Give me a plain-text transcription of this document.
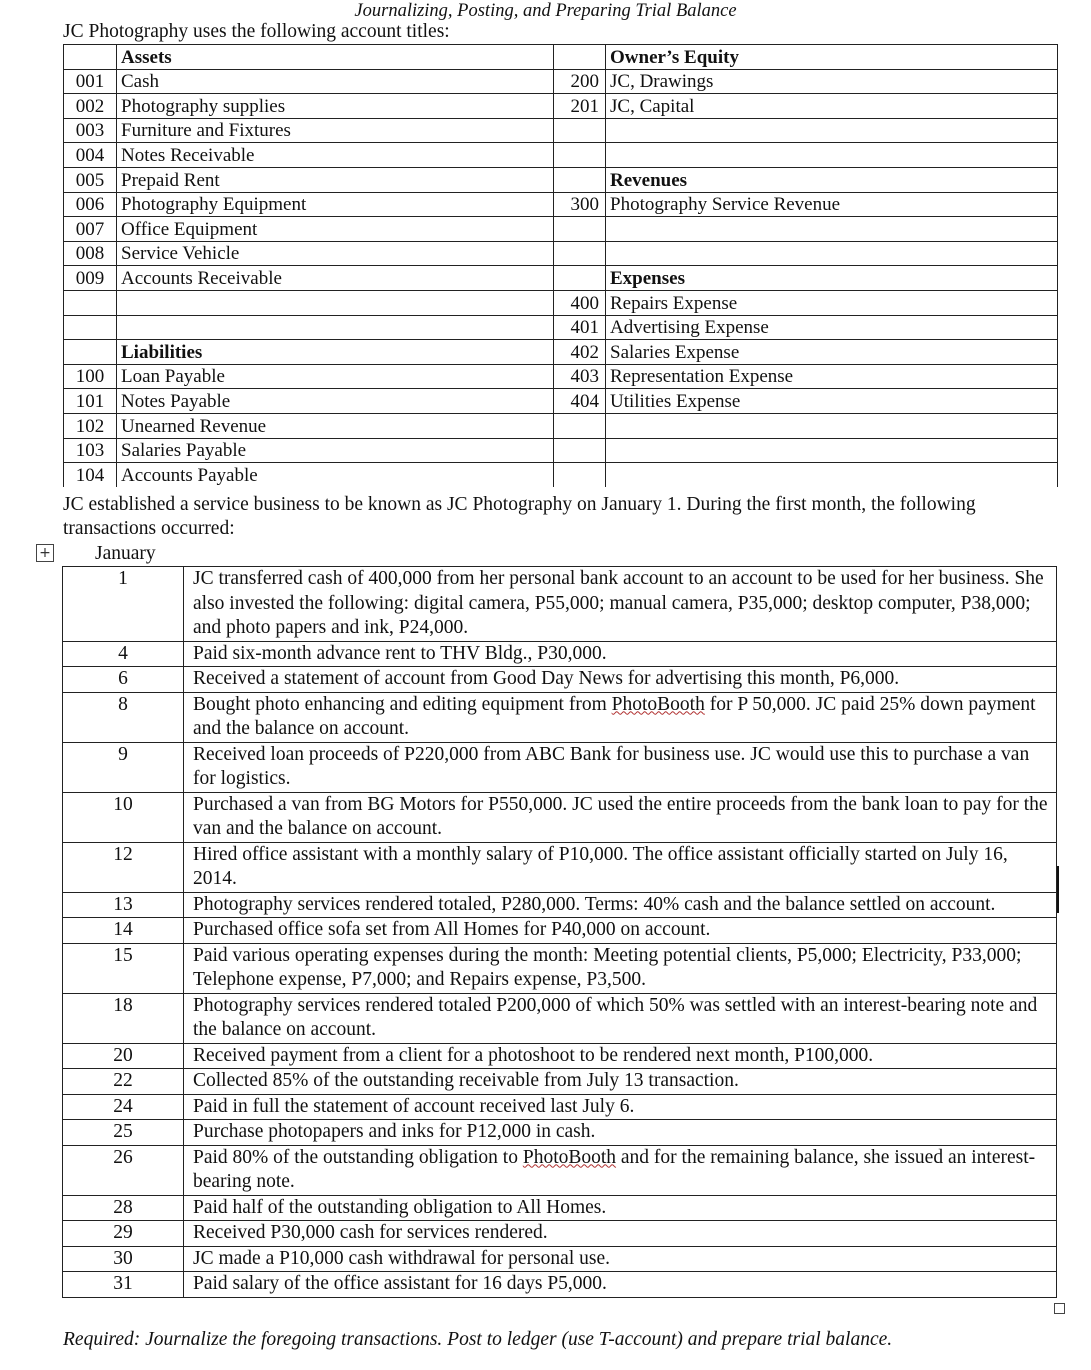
Journalizing, Posting, and Preparing Trial Balance
JC Photography uses the following account titles:
	Assets		Owner’s Equity
001	Cash	200	JC, Drawings
002	Photography supplies	201	JC, Capital
003	Furniture and Fixtures		
004	Notes Receivable		
005	Prepaid Rent		Revenues
006	Photography Equipment	300	Photography Service Revenue
007	Office Equipment		
008	Service Vehicle		
009	Accounts Receivable		Expenses
		400	Repairs Expense
		401	Advertising Expense
	Liabilities	402	Salaries Expense
100	Loan Payable	403	Representation Expense
101	Notes Payable	404	Utilities Expense
102	Unearned Revenue		
103	Salaries Payable		
104	Accounts Payable		
JC established a service business to be known as JC Photography on January 1. During the first month, the following transactions occurred:
+ January
1	JC transferred cash of 400,000 from her personal bank account to an account to be used for her business. She also invested the following: digital camera, P55,000; manual camera, P35,000; desktop computer, P38,000; and photo papers and ink, P24,000.
4	Paid six-month advance rent to THV Bldg., P30,000.
6	Received a statement of account from Good Day News for advertising this month, P6,000.
8	Bought photo enhancing and editing equipment from PhotoBooth for P 50,000. JC paid 25% down payment and the balance on account.
9	Received loan proceeds of P220,000 from ABC Bank for business use. JC would use this to purchase a van for logistics.
10	Purchased a van from BG Motors for P550,000. JC used the entire proceeds from the bank loan to pay for the van and the balance on account.
12	Hired office assistant with a monthly salary of P10,000. The office assistant officially started on July 16, 2014.
13	Photography services rendered totaled, P280,000. Terms: 40% cash and the balance settled on account.
14	Purchased office sofa set from All Homes for P40,000 on account.
15	Paid various operating expenses during the month: Meeting potential clients, P5,000; Electricity, P33,000; Telephone expense, P7,000; and Repairs expense, P3,500.
18	Photography services rendered totaled P200,000 of which 50% was settled with an interest-bearing note and the balance on account.
20	Received payment from a client for a photoshoot to be rendered next month, P100,000.
22	Collected 85% of the outstanding receivable from July 13 transaction.
24	Paid in full the statement of account received last July 6.
25	Purchase photopapers and inks for P12,000 in cash.
26	Paid 80% of the outstanding obligation to PhotoBooth and for the remaining balance, she issued an interest-bearing note.
28	Paid half of the outstanding obligation to All Homes.
29	Received P30,000 cash for services rendered.
30	JC made a P10,000 cash withdrawal for personal use.
31	Paid salary of the office assistant for 16 days P5,000.
Required: Journalize the foregoing transactions. Post to ledger (use T-account) and prepare trial balance.
